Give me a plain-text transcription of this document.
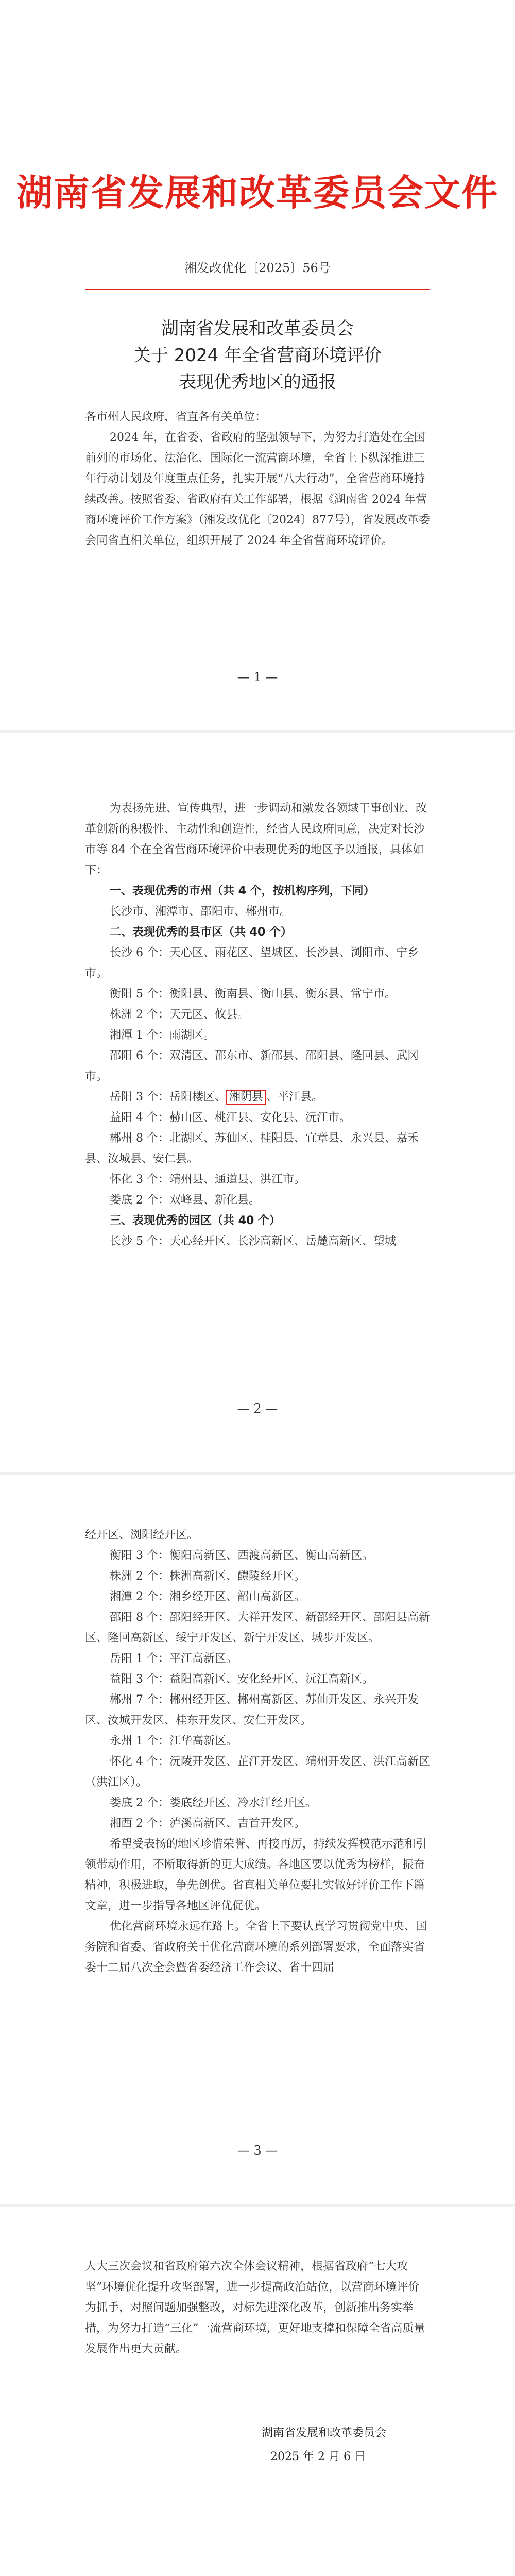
湖南省发展和改革委员会文件
湘发改优化〔2025〕56号
湖南省发展和改革委员会
关于 2024 年全省营商环境评价
表现优秀地区的通报

各市州人民政府，省直各有关单位：

2024 年，在省委、省政府的坚强领导下，为努力打造处在全国前列的市场化、法治化、国际化一流营商环境，全省上下纵深推进三年行动计划及年度重点任务，扎实开展“八大行动”，全省营商环境持续改善。按照省委、省政府有关工作部署，根据《湖南省 2024 年营商环境评价工作方案》（湘发改优化〔2024〕877号），省发展改革委会同省直相关单位，组织开展了 2024 年全省营商环境评价。

— 1 —

为表扬先进、宣传典型，进一步调动和激发各领域干事创业、改革创新的积极性、主动性和创造性，经省人民政府同意，决定对长沙市等 84 个在全省营商环境评价中表现优秀的地区予以通报，具体如下：

一、表现优秀的市州（共 4 个，按机构序列，下同）

长沙市、湘潭市、邵阳市、郴州市。

二、表现优秀的县市区（共 40 个）

长沙 6 个：天心区、雨花区、望城区、长沙县、浏阳市、宁乡市。

衡阳 5 个：衡阳县、衡南县、衡山县、衡东县、常宁市。

株洲 2 个：天元区、攸县。

湘潭 1 个：雨湖区。

邵阳 6 个：双清区、邵东市、新邵县、邵阳县、隆回县、武冈市。

岳阳 3 个：岳阳楼区、 湘阴县 、平江县。

益阳 4 个：赫山区、桃江县、安化县、沅江市。

郴州 8 个：北湖区、苏仙区、桂阳县、宜章县、永兴县、嘉禾县、汝城县、安仁县。

怀化 3 个：靖州县、通道县、洪江市。

娄底 2 个：双峰县、新化县。

三、表现优秀的园区（共 40 个）

长沙 5 个：天心经开区、长沙高新区、岳麓高新区、望城

— 2 —

经开区、浏阳经开区。

衡阳 3 个：衡阳高新区、西渡高新区、衡山高新区。

株洲 2 个：株洲高新区、醴陵经开区。

湘潭 2 个：湘乡经开区、韶山高新区。

邵阳 8 个：邵阳经开区、大祥开发区、新邵经开区、邵阳县高新区、隆回高新区、绥宁开发区、新宁开发区、城步开发区。

岳阳 1 个：平江高新区。

益阳 3 个：益阳高新区、安化经开区、沅江高新区。

郴州 7 个：郴州经开区、郴州高新区、苏仙开发区、永兴开发区、汝城开发区、桂东开发区、安仁开发区。

永州 1 个：江华高新区。

怀化 4 个：沅陵开发区、芷江开发区、靖州开发区、洪江高新区（洪江区）。

娄底 2 个：娄底经开区、冷水江经开区。

湘西 2 个：泸溪高新区、吉首开发区。

希望受表扬的地区珍惜荣誉、再接再厉，持续发挥模范示范和引领带动作用，不断取得新的更大成绩。各地区要以优秀为榜样，振奋精神，积极进取，争先创优。省直相关单位要扎实做好评价工作下篇文章，进一步指导各地区评优促优。

优化营商环境永远在路上。全省上下要认真学习贯彻党中央、国务院和省委、省政府关于优化营商环境的系列部署要求，全面落实省委十二届八次全会暨省委经济工作会议、省十四届

— 3 —

人大三次会议和省政府第六次全体会议精神，根据省政府“七大攻坚”环境优化提升攻坚部署，进一步提高政治站位，以营商环境评价为抓手，对照问题加强整改，对标先进深化改革，创新推出务实举措，为努力打造“三化”一流营商环境，更好地支撑和保障全省高质量发展作出更大贡献。

湖南省发展和改革委员会
2025 年 2 月 6 日
